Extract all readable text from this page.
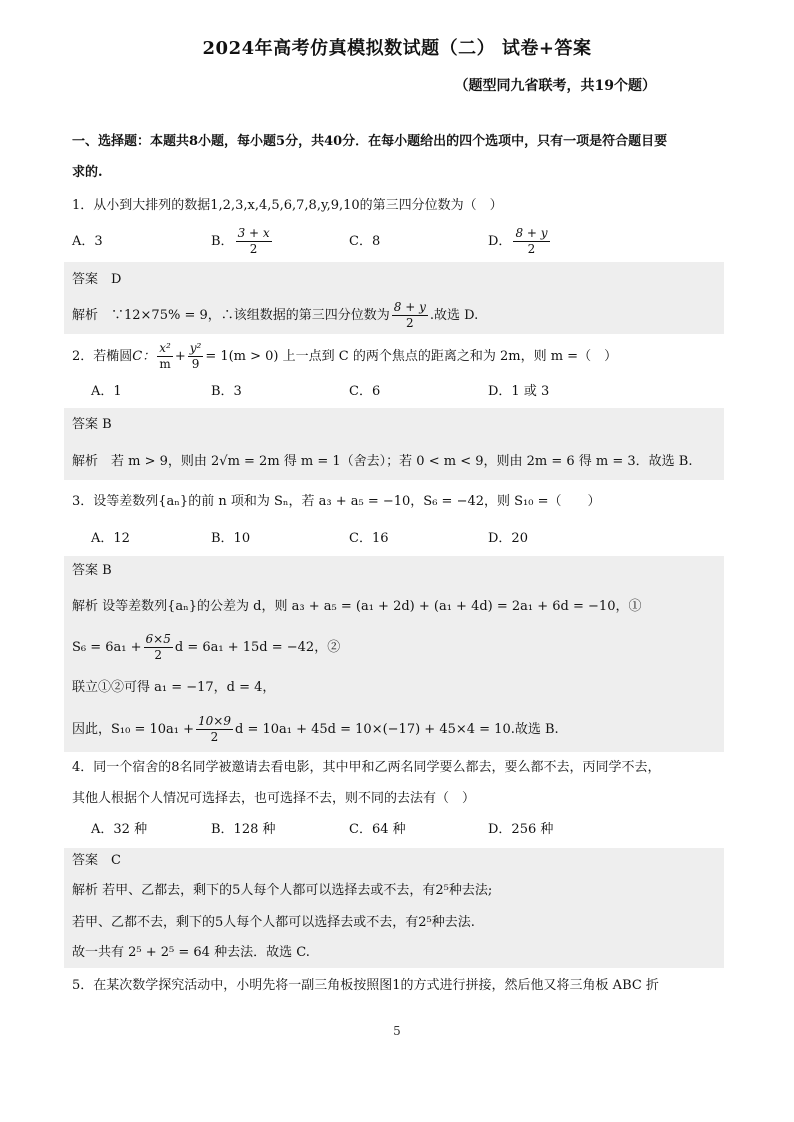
2024年高考仿真模拟数试题（二） 试卷+答案
（题型同九省联考，共19个题）
一、选择题：本题共8小题，每小题5分，共40分．在每小题给出的四个选项中，只有一项是符合题目要
求的.
1．从小到大排列的数据1,2,3,x,4,5,6,7,8,y,9,10的第三四分位数为（　）
A．3	B． $\frac{3 + x}{2}$	C．8	D． $\frac{8 + y}{2}$
答案　D
解析　∵12×75% = 9，∴该组数据的第三四分位数为 $\frac{8 + y}{2}$ .故选 D.
2．若椭圆C： $\frac{\text{x²}}{m} + \frac{\text{y²}}{9} = 1(m > 0)$ 上一点到 C 的两个焦点的距离之和为 2m，则 m =（　）
A．1	B．3	C．6	D．1 或 3
答案 B
解析　若 m > 9，则由 2√m = 2m 得 m = 1（舍去）；若 0 < m < 9，则由 2m = 6 得 m = 3．故选 B.
3．设等差数列{aₙ}的前 n 项和为 Sₙ，若 a₃ + a₅ = −10，S₆ = −42，则 S₁₀ =（　　）
A．12	B．10	C．16	D．20
答案 B
解析 设等差数列{aₙ}的公差为 d，则 a₃ + a₅ = (a₁ + 2d) + (a₁ + 4d) = 2a₁ + 6d = −10，①
$S_6 = 6a_1 + \frac{6\times 5}{2}$ d = 6a₁ + 15d = −42，②
联立①②可得 a₁ = −17，d = 4，
因此，$S_{10} = 10a_1 + \frac{10\times 9}{2}$ d = 10a₁ + 45d = 10×(−17) + 45×4 = 10.故选 B.
4．同一个宿舍的8名同学被邀请去看电影，其中甲和乙两名同学要么都去，要么都不去，丙同学不去，
其他人根据个人情况可选择去，也可选择不去，则不同的去法有（　）
A．32 种	B．128 种	C．64 种	D．256 种
答案　C
解析 若甲、乙都去，剩下的5人每个人都可以选择去或不去，有2⁵种去法;
若甲、乙都不去，剩下的5人每个人都可以选择去或不去，有2⁵种去法.
故一共有 2⁵ + 2⁵ = 64 种去法．故选 C.
5．在某次数学探究活动中，小明先将一副三角板按照图1的方式进行拼接，然后他又将三角板 ABC 折
5
